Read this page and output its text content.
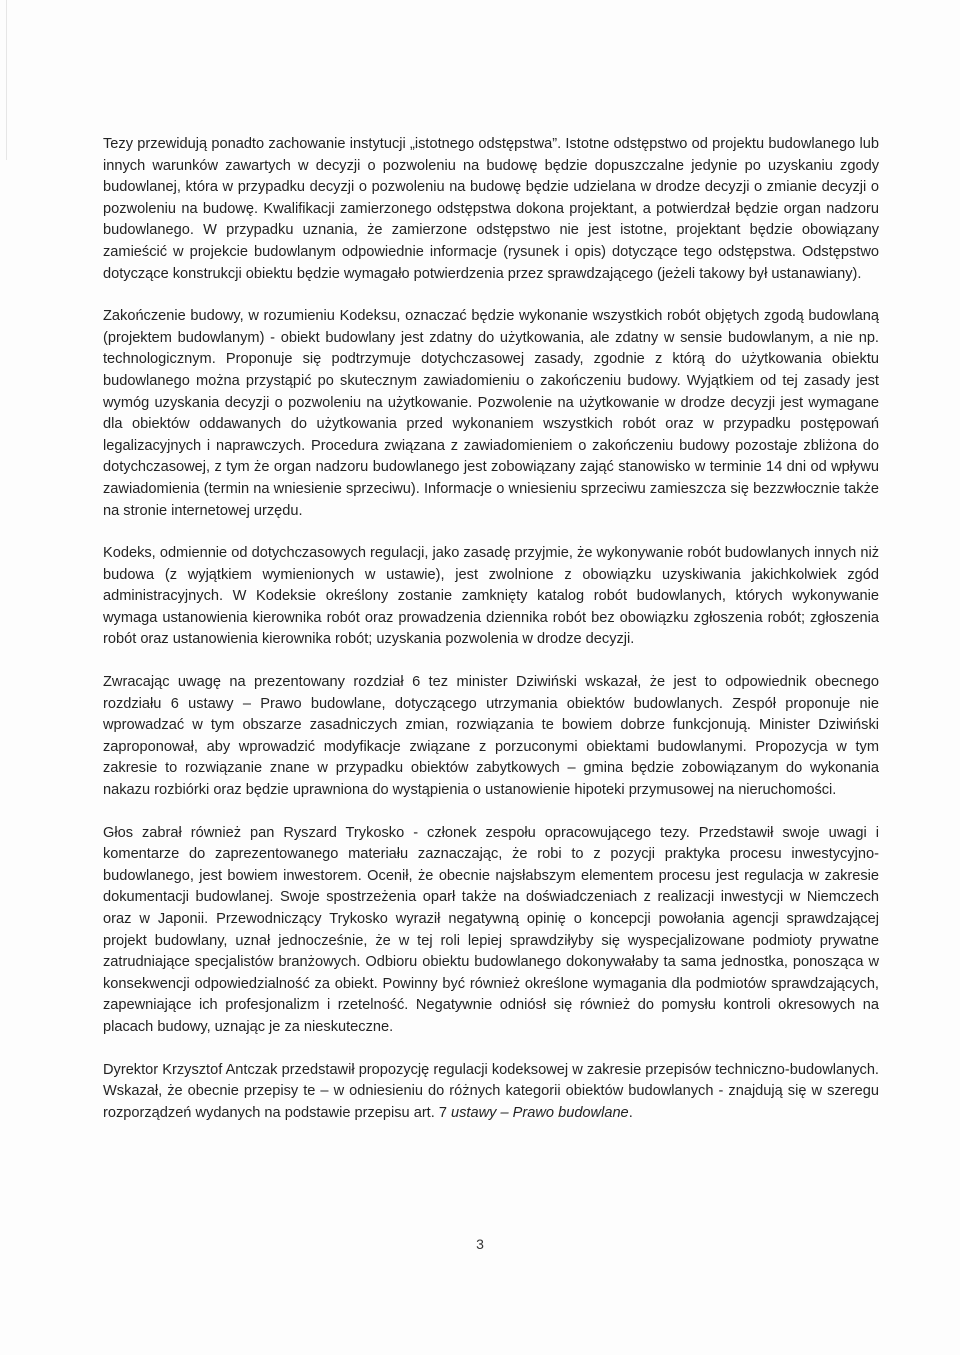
Tezy przewidują ponadto zachowanie instytucji „istotnego odstępstwa”. Istotne odstępstwo od projektu budowlanego lub innych warunków zawartych w decyzji o pozwoleniu na budowę będzie dopuszczalne jedynie po uzyskaniu zgody budowlanej, która w przypadku decyzji o pozwoleniu na budowę będzie udzielana w drodze decyzji o zmianie decyzji o pozwoleniu na budowę. Kwalifikacji zamierzonego odstępstwa dokona projektant, a potwierdzał będzie organ nadzoru budowlanego. W przypadku uznania, że zamierzone odstępstwo nie jest istotne, projektant będzie obowiązany zamieścić w projekcie budowlanym odpowiednie informacje (rysunek i opis) dotyczące tego odstępstwa. Odstępstwo dotyczące konstrukcji obiektu będzie wymagało potwierdzenia przez sprawdzającego (jeżeli takowy był ustanawiany).

Zakończenie budowy, w rozumieniu Kodeksu, oznaczać będzie wykonanie wszystkich robót objętych zgodą budowlaną (projektem budowlanym) - obiekt budowlany jest zdatny do użytkowania, ale zdatny w sensie budowlanym, a nie np. technologicznym. Proponuje się podtrzymuje dotychczasowej zasady, zgodnie z którą do użytkowania obiektu budowlanego można przystąpić po skutecznym zawiadomieniu o zakończeniu budowy. Wyjątkiem od tej zasady jest wymóg uzyskania decyzji o pozwoleniu na użytkowanie. Pozwolenie na użytkowanie w drodze decyzji jest wymagane dla obiektów oddawanych do użytkowania przed wykonaniem wszystkich robót oraz w przypadku postępowań legalizacyjnych i naprawczych. Procedura związana z zawiadomieniem o zakończeniu budowy pozostaje zbliżona do dotychczasowej, z tym że organ nadzoru budowlanego jest zobowiązany zająć stanowisko w terminie 14 dni od wpływu zawiadomienia (termin na wniesienie sprzeciwu). Informacje o wniesieniu sprzeciwu zamieszcza się bezzwłocznie także na stronie internetowej urzędu.

Kodeks, odmiennie od dotychczasowych regulacji, jako zasadę przyjmie, że wykonywanie robót budowlanych innych niż budowa (z wyjątkiem wymienionych w ustawie), jest zwolnione z obowiązku uzyskiwania jakichkolwiek zgód administracyjnych. W Kodeksie określony zostanie zamknięty katalog robót budowlanych, których wykonywanie wymaga ustanowienia kierownika robót oraz prowadzenia dziennika robót bez obowiązku zgłoszenia robót; zgłoszenia robót oraz ustanowienia kierownika robót; uzyskania pozwolenia w drodze decyzji.

Zwracając uwagę na prezentowany rozdział 6 tez minister Dziwiński wskazał, że jest to odpowiednik obecnego rozdziału 6 ustawy – Prawo budowlane, dotyczącego utrzymania obiektów budowlanych. Zespół proponuje nie wprowadzać w tym obszarze zasadniczych zmian, rozwiązania te bowiem dobrze funkcjonują. Minister Dziwiński zaproponował, aby wprowadzić modyfikacje związane z porzuconymi obiektami budowlanymi. Propozycja w tym zakresie to rozwiązanie znane w przypadku obiektów zabytkowych – gmina będzie zobowiązanym do wykonania nakazu rozbiórki oraz będzie uprawniona do wystąpienia o ustanowienie hipoteki przymusowej na nieruchomości.

Głos zabrał również pan Ryszard Trykosko - członek zespołu opracowującego tezy. Przedstawił swoje uwagi i komentarze do zaprezentowanego materiału zaznaczając, że robi to z pozycji praktyka procesu inwestycyjno-budowlanego, jest bowiem inwestorem. Ocenił, że obecnie najsłabszym elementem procesu jest regulacja w zakresie dokumentacji budowlanej. Swoje spostrzeżenia oparł także na doświadczeniach z realizacji inwestycji w Niemczech oraz w Japonii. Przewodniczący Trykosko wyraził negatywną opinię o koncepcji powołania agencji sprawdzającej projekt budowlany, uznał jednocześnie, że w tej roli lepiej sprawdziłyby się wyspecjalizowane podmioty prywatne zatrudniające specjalistów branżowych. Odbioru obiektu budowlanego dokonywałaby ta sama jednostka, ponosząca w konsekwencji odpowiedzialność za obiekt. Powinny być również określone wymagania dla podmiotów sprawdzających, zapewniające ich profesjonalizm i rzetelność. Negatywnie odniósł się również do pomysłu kontroli okresowych na placach budowy, uznając je za nieskuteczne.

Dyrektor Krzysztof Antczak przedstawił propozycję regulacji kodeksowej w zakresie przepisów techniczno-budowlanych. Wskazał, że obecnie przepisy te – w odniesieniu do różnych kategorii obiektów budowlanych - znajdują się w szeregu rozporządzeń wydanych na podstawie przepisu art. 7 ustawy – Prawo budowlane.

3
